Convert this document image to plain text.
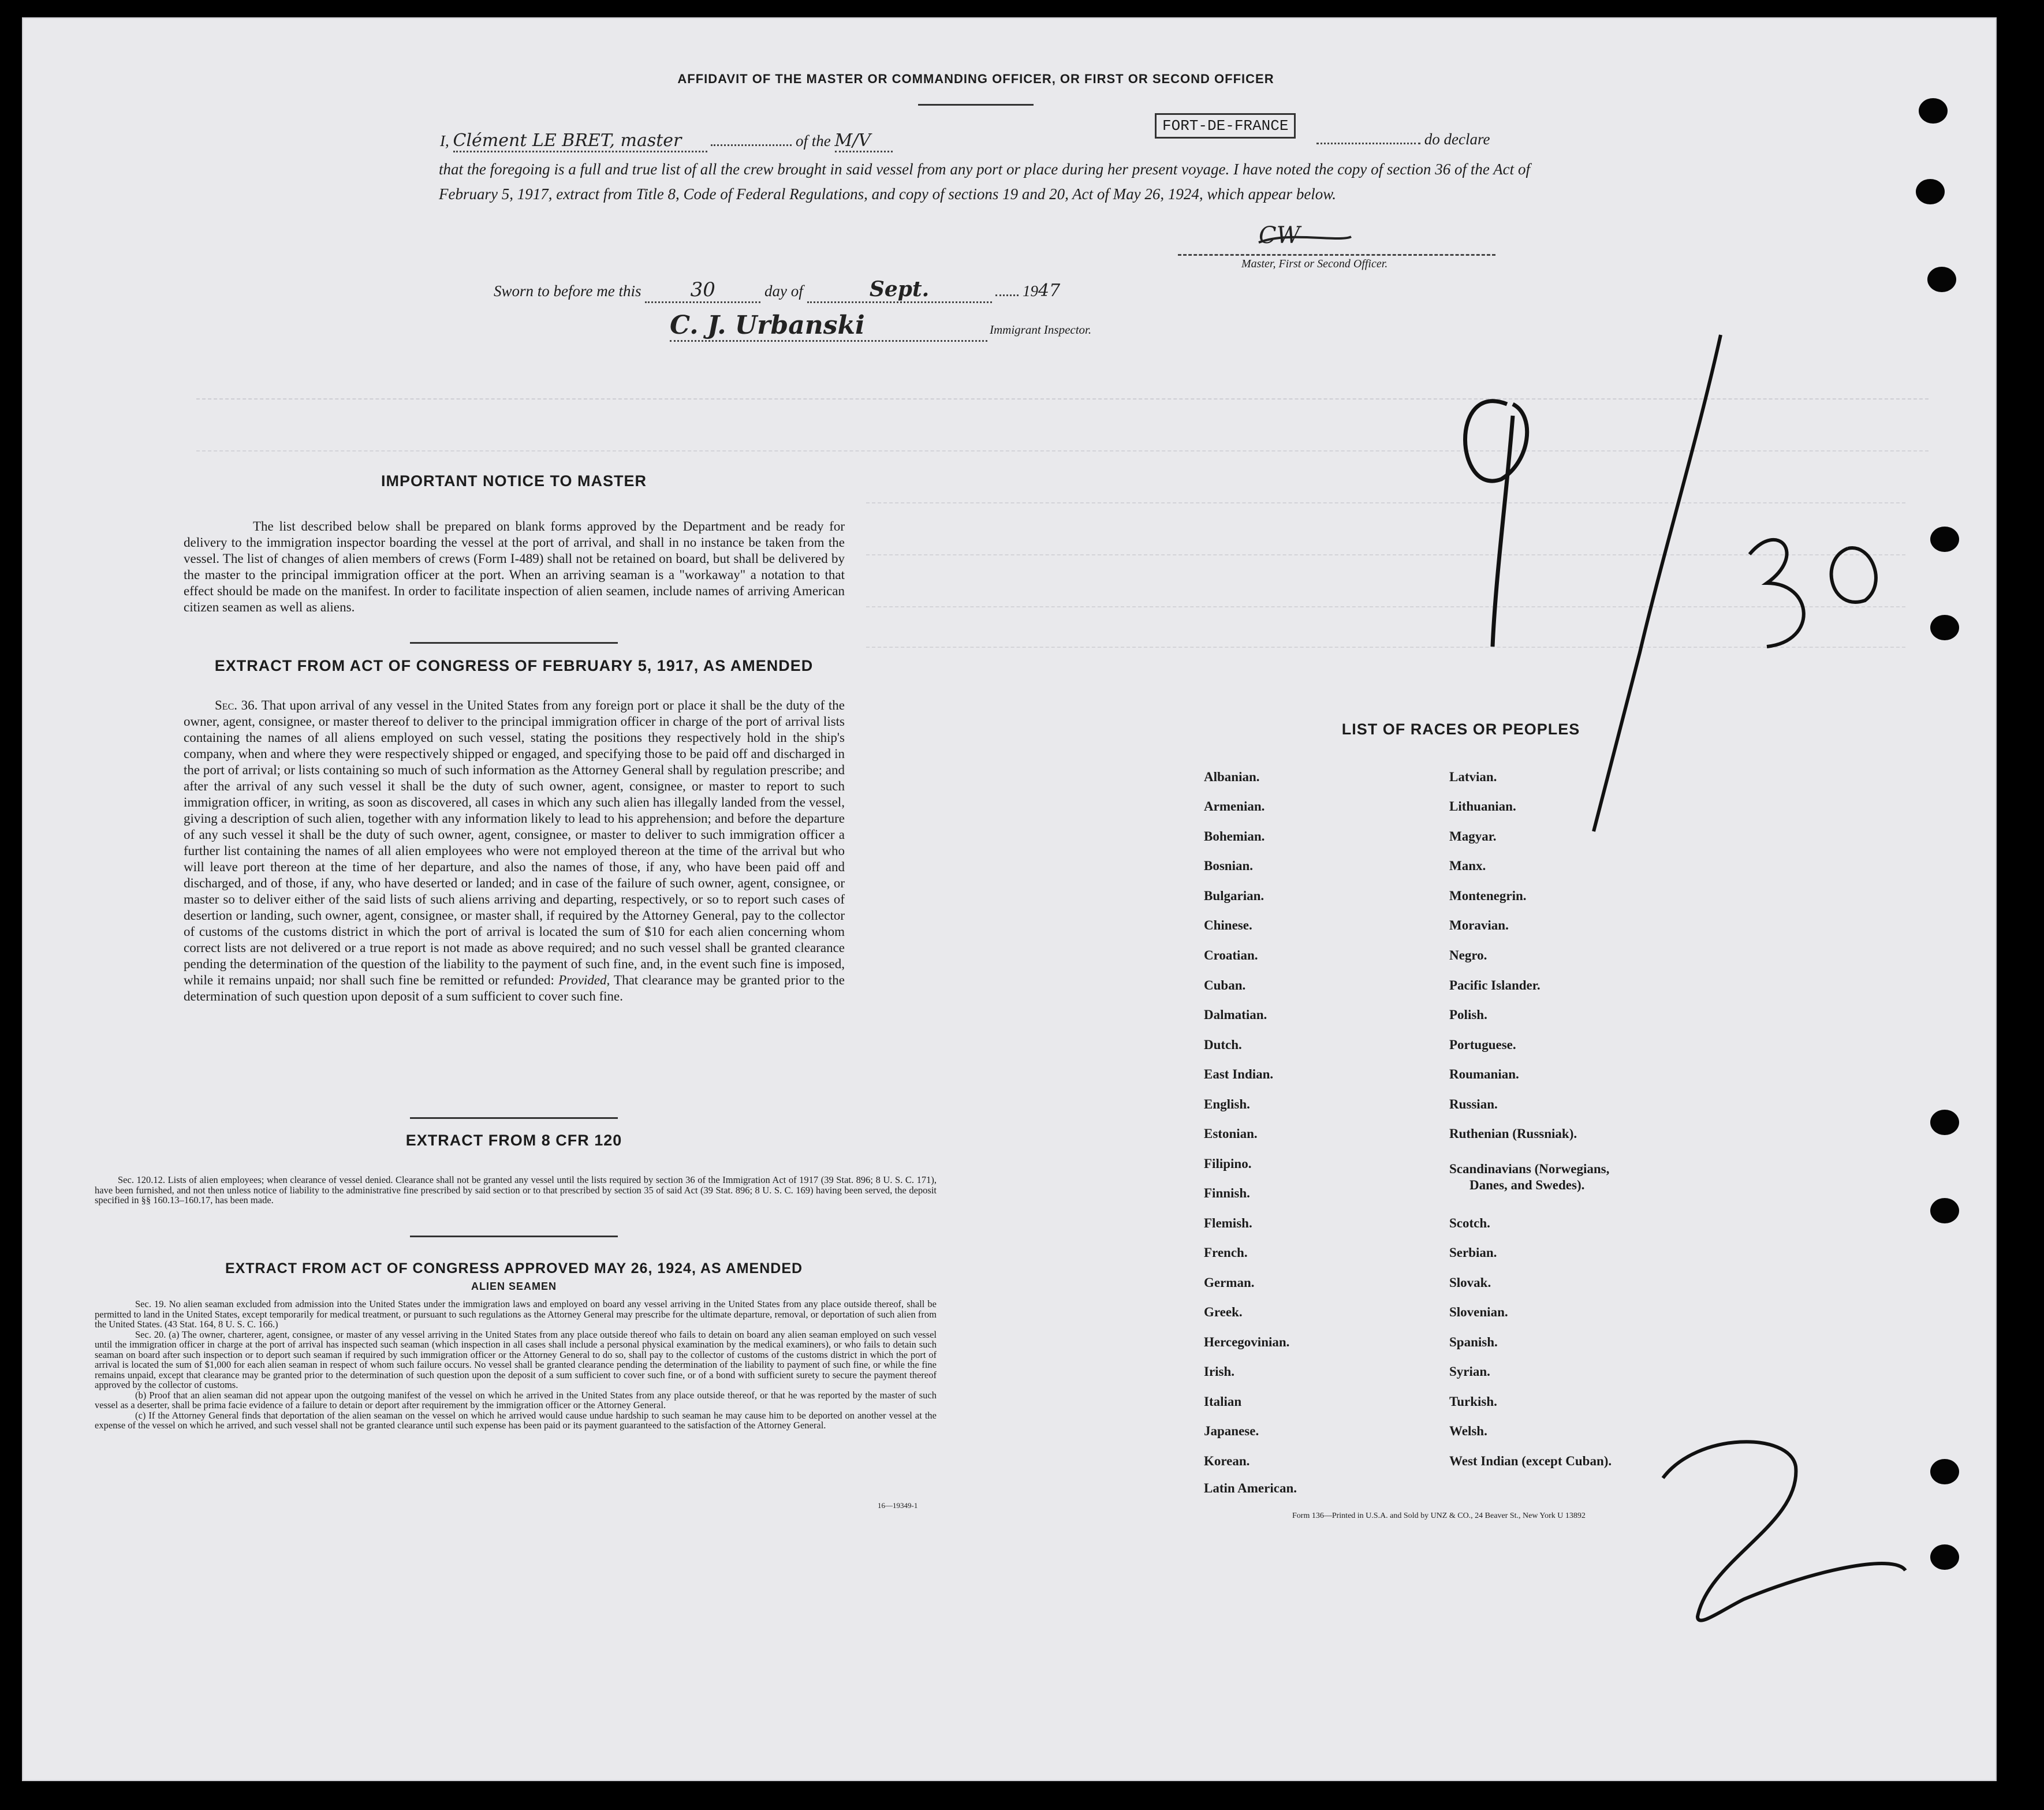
AFFIDAVIT OF THE MASTER OR COMMANDING OFFICER, OR FIRST OR SECOND OFFICER
I, Clément LE BRET, master	of the M/V
FORT-DE-FRANCE
do declare
that the foregoing is a full and true list of all the crew brought in said vessel from any port or place during her present voyage. I have noted the copy of section 36 of the Act of February 5, 1917, extract from Title 8, Code of Federal Regulations, and copy of sections 19 and 20, Act of May 26, 1924, which appear below.
CW
Master, First or Second Officer.
Sworn to before me this	30	day of	Sept.	1947
C. J. Urbanski	Immigrant Inspector.
IMPORTANT NOTICE TO MASTER
The list described below shall be prepared on blank forms approved by the Department and be ready for delivery to the immigration inspector boarding the vessel at the port of arrival, and shall in no instance be taken from the vessel. The list of changes of alien members of crews (Form I-489) shall not be retained on board, but shall be delivered by the master to the principal immigration officer at the port. When an arriving seaman is a "workaway" a notation to that effect should be made on the manifest. In order to facilitate inspection of alien seamen, include names of arriving American citizen seamen as well as aliens.
EXTRACT FROM ACT OF CONGRESS OF FEBRUARY 5, 1917, AS AMENDED
Sec. 36. That upon arrival of any vessel in the United States from any foreign port or place it shall be the duty of the owner, agent, consignee, or master thereof to deliver to the principal immigration officer in charge of the port of arrival lists containing the names of all aliens employed on such vessel, stating the positions they respectively hold in the ship's company, when and where they were respectively shipped or engaged, and specifying those to be paid off and discharged in the port of arrival; or lists containing so much of such information as the Attorney General shall by regulation prescribe; and after the arrival of any such vessel it shall be the duty of such owner, agent, consignee, or master to report to such immigration officer, in writing, as soon as discovered, all cases in which any such alien has illegally landed from the vessel, giving a description of such alien, together with any information likely to lead to his apprehension; and before the departure of any such vessel it shall be the duty of such owner, agent, consignee, or master to deliver to such immigration officer a further list containing the names of all alien employees who were not employed thereon at the time of the arrival but who will leave port thereon at the time of her departure, and also the names of those, if any, who have been paid off and discharged, and of those, if any, who have deserted or landed; and in case of the failure of such owner, agent, consignee, or master so to deliver either of the said lists of such aliens arriving and departing, respectively, or so to report such cases of desertion or landing, such owner, agent, consignee, or master shall, if required by the Attorney General, pay to the collector of customs of the customs district in which the port of arrival is located the sum of $10 for each alien concerning whom correct lists are not delivered or a true report is not made as above required; and no such vessel shall be granted clearance pending the determination of the question of the liability to the payment of such fine, and, in the event such fine is imposed, while it remains unpaid; nor shall such fine be remitted or refunded: Provided, That clearance may be granted prior to the determination of such question upon deposit of a sum sufficient to cover such fine.
EXTRACT FROM 8 CFR 120
Sec. 120.12. Lists of alien employees; when clearance of vessel denied. Clearance shall not be granted any vessel until the lists required by section 36 of the Immigration Act of 1917 (39 Stat. 896; 8 U. S. C. 171), have been furnished, and not then unless notice of liability to the administrative fine prescribed by said section or to that prescribed by section 35 of said Act (39 Stat. 896; 8 U. S. C. 169) having been served, the deposit specified in §§ 160.13–160.17, has been made.
EXTRACT FROM ACT OF CONGRESS APPROVED MAY 26, 1924, AS AMENDED
ALIEN SEAMEN
Sec. 19. No alien seaman excluded from admission into the United States under the immigration laws and employed on board any vessel arriving in the United States from any place outside thereof, shall be permitted to land in the United States, except temporarily for medical treatment, or pursuant to such regulations as the Attorney General may prescribe for the ultimate departure, removal, or deportation of such alien from the United States. (43 Stat. 164, 8 U. S. C. 166.)
Sec. 20. (a) The owner, charterer, agent, consignee, or master of any vessel arriving in the United States from any place outside thereof who fails to detain on board any alien seaman employed on such vessel until the immigration officer in charge at the port of arrival has inspected such seaman (which inspection in all cases shall include a personal physical examination by the medical examiners), or who fails to detain such seaman on board after such inspection or to deport such seaman if required by such immigration officer or the Attorney General to do so, shall pay to the collector of customs of the customs district in which the port of arrival is located the sum of $1,000 for each alien seaman in respect of whom such failure occurs. No vessel shall be granted clearance pending the determination of the liability to payment of such fine, or while the fine remains unpaid, except that clearance may be granted prior to the determination of such question upon the deposit of a sum sufficient to cover such fine, or of a bond with sufficient surety to secure the payment thereof approved by the collector of customs.
(b) Proof that an alien seaman did not appear upon the outgoing manifest of the vessel on which he arrived in the United States from any place outside thereof, or that he was reported by the master of such vessel as a deserter, shall be prima facie evidence of a failure to detain or deport after requirement by the immigration officer or the Attorney General.
(c) If the Attorney General finds that deportation of the alien seaman on the vessel on which he arrived would cause undue hardship to such seaman he may cause him to be deported on another vessel at the expense of the vessel on which he arrived, and such vessel shall not be granted clearance until such expense has been paid or its payment guaranteed to the satisfaction of the Attorney General.
16—19349-1
LIST OF RACES OR PEOPLES
Albanian.
Armenian.
Bohemian.
Bosnian.
Bulgarian.
Chinese.
Croatian.
Cuban.
Dalmatian.
Dutch.
East Indian.
English.
Estonian.
Filipino.
Finnish.
Flemish.
French.
German.
Greek.
Hercegovinian.
Irish.
Italian
Japanese.
Korean.
Latin American.
Latvian.
Lithuanian.
Magyar.
Manx.
Montenegrin.
Moravian.
Negro.
Pacific Islander.
Polish.
Portuguese.
Roumanian.
Russian.
Ruthenian (Russniak).
Scandinavians (Norwegians,
Danes, and Swedes).
Scotch.
Serbian.
Slovak.
Slovenian.
Spanish.
Syrian.
Turkish.
Welsh.
West Indian (except Cuban).
Form 136—Printed in U.S.A. and Sold by UNZ & CO., 24 Beaver St., New York U 13892
